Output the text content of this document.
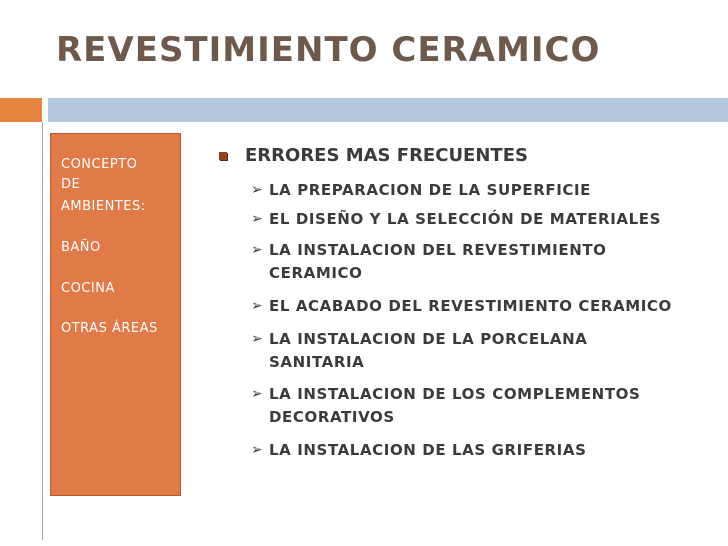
REVESTIMIENTO CERAMICO
CONCEPTO
DE
AMBIENTES:
BAÑO
COCINA
OTRAS ÁREAS
ERRORES MAS FRECUENTES
➢ LA PREPARACION DE LA SUPERFICIE
➢ EL DISEÑO Y LA SELECCIÓN DE MATERIALES
➢ LA INSTALACION DEL REVESTIMIENTO CERAMICO
➢ EL ACABADO DEL REVESTIMIENTO CERAMICO
➢ LA INSTALACION DE LA PORCELANA SANITARIA
➢ LA INSTALACION DE LOS COMPLEMENTOS DECORATIVOS
➢ LA INSTALACION DE LAS GRIFERIAS
